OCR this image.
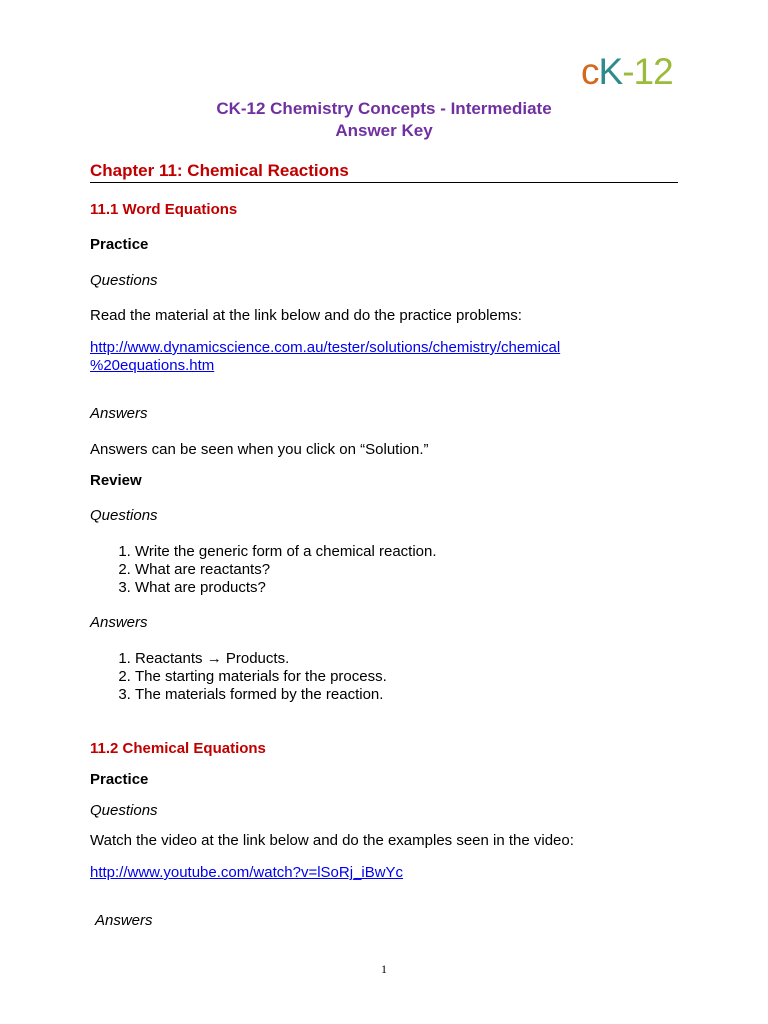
cK-12
CK-12 Chemistry Concepts - Intermediate
Answer Key
Chapter 11: Chemical Reactions
11.1 Word Equations
Practice
Questions
Read the material at the link below and do the practice problems:
http://www.dynamicscience.com.au/tester/solutions/chemistry/chemical
%20equations.htm
Answers
Answers can be seen when you click on “Solution.”
Review
Questions
1. Write the generic form of a chemical reaction.
2. What are reactants?
3. What are products?
Answers
1. Reactants → Products.
2. The starting materials for the process.
3. The materials formed by the reaction.
11.2 Chemical Equations
Practice
Questions
Watch the video at the link below and do the examples seen in the video:
http://www.youtube.com/watch?v=lSoRj_iBwYc
Answers
1
